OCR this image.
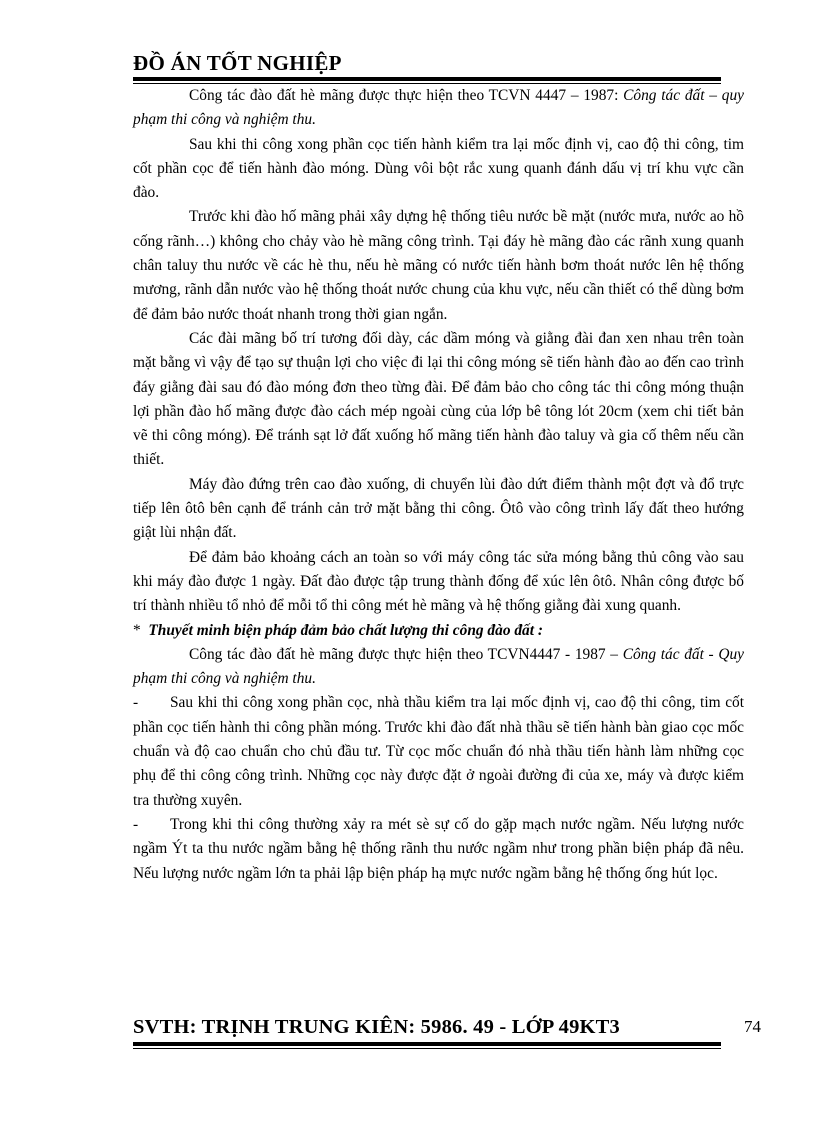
ĐỒ ÁN TỐT NGHIỆP

Công tác đào đất hè mãng được thực hiện theo TCVN 4447 – 1987: Công tác đất – quy phạm thi công và nghiệm thu.

Sau khi thi công xong phần cọc tiến hành kiểm tra lại mốc định vị, cao độ thi công, tim cốt phần cọc để tiến hành đào móng. Dùng vôi bột rắc xung quanh đánh dấu vị trí khu vực cần đào.

Trước khi đào hố mãng phải xây dựng hệ thống tiêu nước bề mặt (nước mưa, nước ao hồ cống rãnh…) không cho chảy vào hè mãng công trình. Tại đáy hè mãng đào các rãnh xung quanh chân taluy thu nước về các hè thu, nếu hè mãng có nước tiến hành bơm thoát nước lên hệ thống mương, rãnh dẫn nước vào hệ thống thoát nước chung của khu vực, nếu cần thiết có thể dùng bơm để đảm bảo nước thoát nhanh trong thời gian ngắn.

Các đài mãng bố trí tương đối dày, các dầm móng và giằng đài đan xen nhau trên toàn mặt bằng vì vậy để tạo sự thuận lợi cho việc đi lại thi công móng sẽ tiến hành đào ao đến cao trình đáy giằng đài sau đó đào móng đơn theo từng đài. Để đảm bảo cho công tác thi công móng thuận lợi phần đào hố mãng được đào cách mép ngoài cùng của lớp bê tông lót 20cm (xem chi tiết bản vẽ thi công móng). Để tránh sạt lở đất xuống hố mãng tiến hành đào taluy và gia cố thêm nếu cần thiết.

Máy đào đứng trên cao đào xuống, di chuyển lùi đào dứt điểm thành một đợt và đổ trực tiếp lên ôtô bên cạnh để tránh cản trở mặt bằng thi công. Ôtô vào công trình lấy đất theo hướng giật lùi nhận đất.

Để đảm bảo khoảng cách an toàn so với máy công tác sửa móng bằng thủ công vào sau khi máy đào được 1 ngày. Đất đào được tập trung thành đống để xúc lên ôtô. Nhân công được bố trí thành nhiều tổ nhỏ để mỗi tổ thi công mét hè mãng và hệ thống giằng đài xung quanh.

* Thuyết minh biện pháp đảm bảo chất lượng thi công đào đất :

Công tác đào đất hè mãng được thực hiện theo TCVN4447 - 1987 – Công tác đất - Quy phạm thi công và nghiệm thu.

- Sau khi thi công xong phần cọc, nhà thầu kiểm tra lại mốc định vị, cao độ thi công, tim cốt phần cọc tiến hành thi công phần móng. Trước khi đào đất nhà thầu sẽ tiến hành bàn giao cọc mốc chuẩn và độ cao chuẩn cho chủ đầu tư. Từ cọc mốc chuẩn đó nhà thầu tiến hành làm những cọc phụ để thi công công trình. Những cọc này được đặt ở ngoài đường đi của xe, máy và được kiểm tra thường xuyên.

- Trong khi thi công thường xảy ra mét sè sự cố do gặp mạch nước ngầm. Nếu lượng nước ngầm Ýt ta thu nước ngầm bằng hệ thống rãnh thu nước ngầm như trong phần biện pháp đã nêu. Nếu lượng nước ngầm lớn ta phải lập biện pháp hạ mực nước ngầm bằng hệ thống ống hút lọc.

SVTH: TRỊNH TRUNG KIÊN: 5986. 49 - LỚP 49KT3	74
